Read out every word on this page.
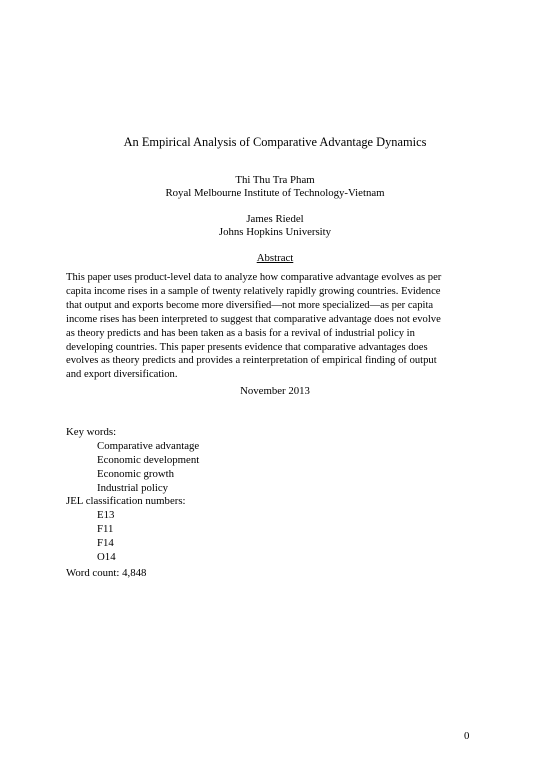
An Empirical Analysis of Comparative Advantage Dynamics
Thi Thu Tra Pham
Royal Melbourne Institute of Technology-Vietnam
James Riedel
Johns Hopkins University
Abstract
This paper uses product-level data to analyze how comparative advantage evolves as per
capita income rises in a sample of twenty relatively rapidly growing countries. Evidence
that output and exports become more diversified—not more specialized—as per capita
income rises has been interpreted to suggest that comparative advantage does not evolve
as theory predicts and has been taken as a basis for a revival of industrial policy in
developing countries. This paper presents evidence that comparative advantages does
evolves as theory predicts and provides a reinterpretation of empirical finding of output
and export diversification.
November 2013
Key words:
Comparative advantage
Economic development
Economic growth
Industrial policy
JEL classification numbers:
E13
F11
F14
O14
Word count: 4,848
0
